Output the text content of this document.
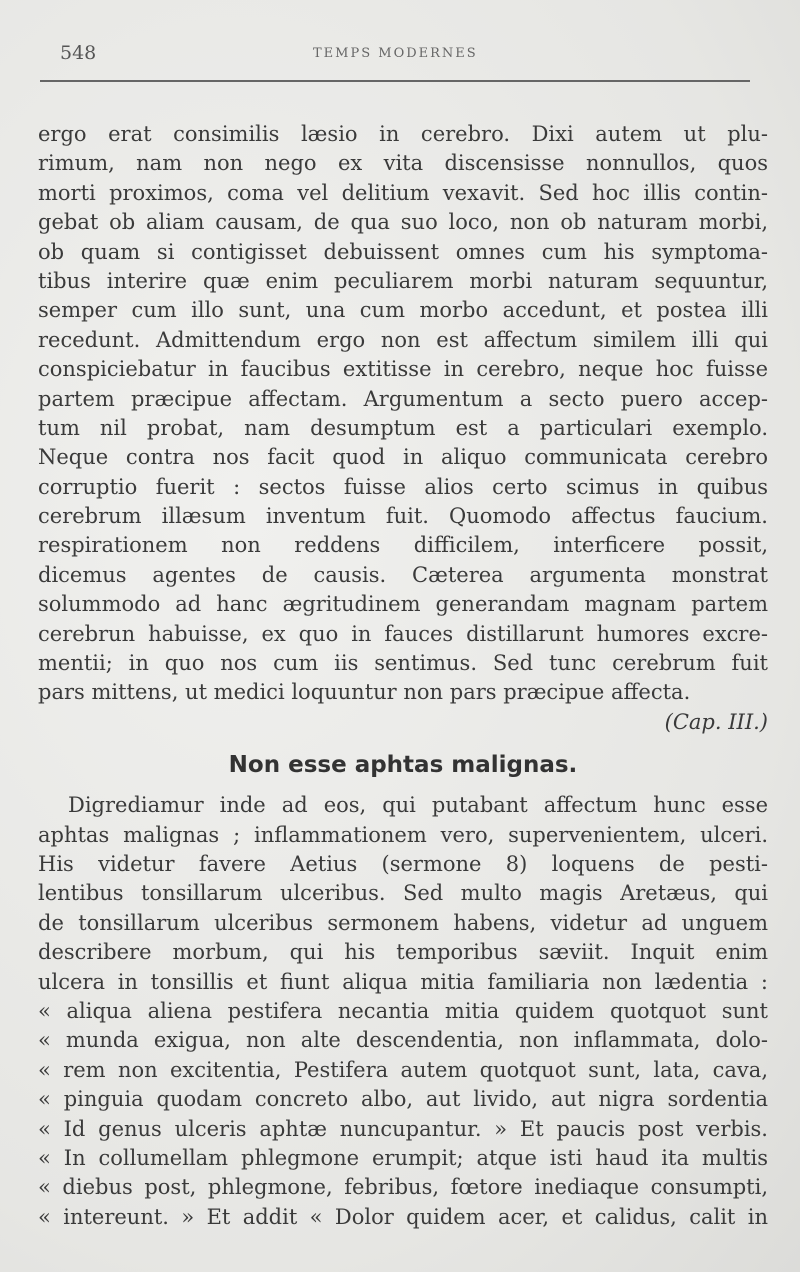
548	TEMPS MODERNES
ergo erat consimilis læsio in cerebro. Dixi autem ut plu-
rimum, nam non nego ex vita discensisse nonnullos, quos
morti proximos, coma vel delitium vexavit. Sed hoc illis contin-
gebat ob aliam causam, de qua suo loco, non ob naturam morbi,
ob quam si contigisset debuissent omnes cum his symptoma-
tibus interire quæ enim peculiarem morbi naturam sequuntur,
semper cum illo sunt, una cum morbo accedunt, et postea illi
recedunt. Admittendum ergo non est affectum similem illi qui
conspiciebatur in faucibus extitisse in cerebro, neque hoc fuisse
partem præcipue affectam. Argumentum a secto puero accep-
tum nil probat, nam desumptum est a particulari exemplo.
Neque contra nos facit quod in aliquo communicata cerebro
corruptio fuerit : sectos fuisse alios certo scimus in quibus
cerebrum illæsum inventum fuit. Quomodo affectus faucium.
respirationem non reddens difficilem, interficere possit,
dicemus agentes de causis. Cæterea argumenta monstrat
solummodo ad hanc ægritudinem generandam magnam partem
cerebrun habuisse, ex quo in fauces distillarunt humores excre-
mentii; in quo nos cum iis sentimus. Sed tunc cerebrum fuit
pars mittens, ut medici loquuntur non pars præcipue affecta.
(Cap. III.)
Non esse aphtas malignas.
Digrediamur inde ad eos, qui putabant affectum hunc esse
aphtas malignas ; inflammationem vero, supervenientem, ulceri.
His videtur favere Aetius (sermone 8) loquens de pesti-
lentibus tonsillarum ulceribus. Sed multo magis Aretæus, qui
de tonsillarum ulceribus sermonem habens, videtur ad unguem
describere morbum, qui his temporibus sæviit. Inquit enim
ulcera in tonsillis et fiunt aliqua mitia familiaria non lædentia :
« aliqua aliena pestifera necantia mitia quidem quotquot sunt
« munda exigua, non alte descendentia, non inflammata, dolo-
« rem non excitentia, Pestifera autem quotquot sunt, lata, cava,
« pinguia quodam concreto albo, aut livido, aut nigra sordentia
« Id genus ulceris aphtæ nuncupantur. » Et paucis post verbis.
« In collumellam phlegmone erumpit; atque isti haud ita multis
« diebus post, phlegmone, febribus, fœtore inediaque consumpti,
« intereunt. » Et addit « Dolor quidem acer, et calidus, calit in
